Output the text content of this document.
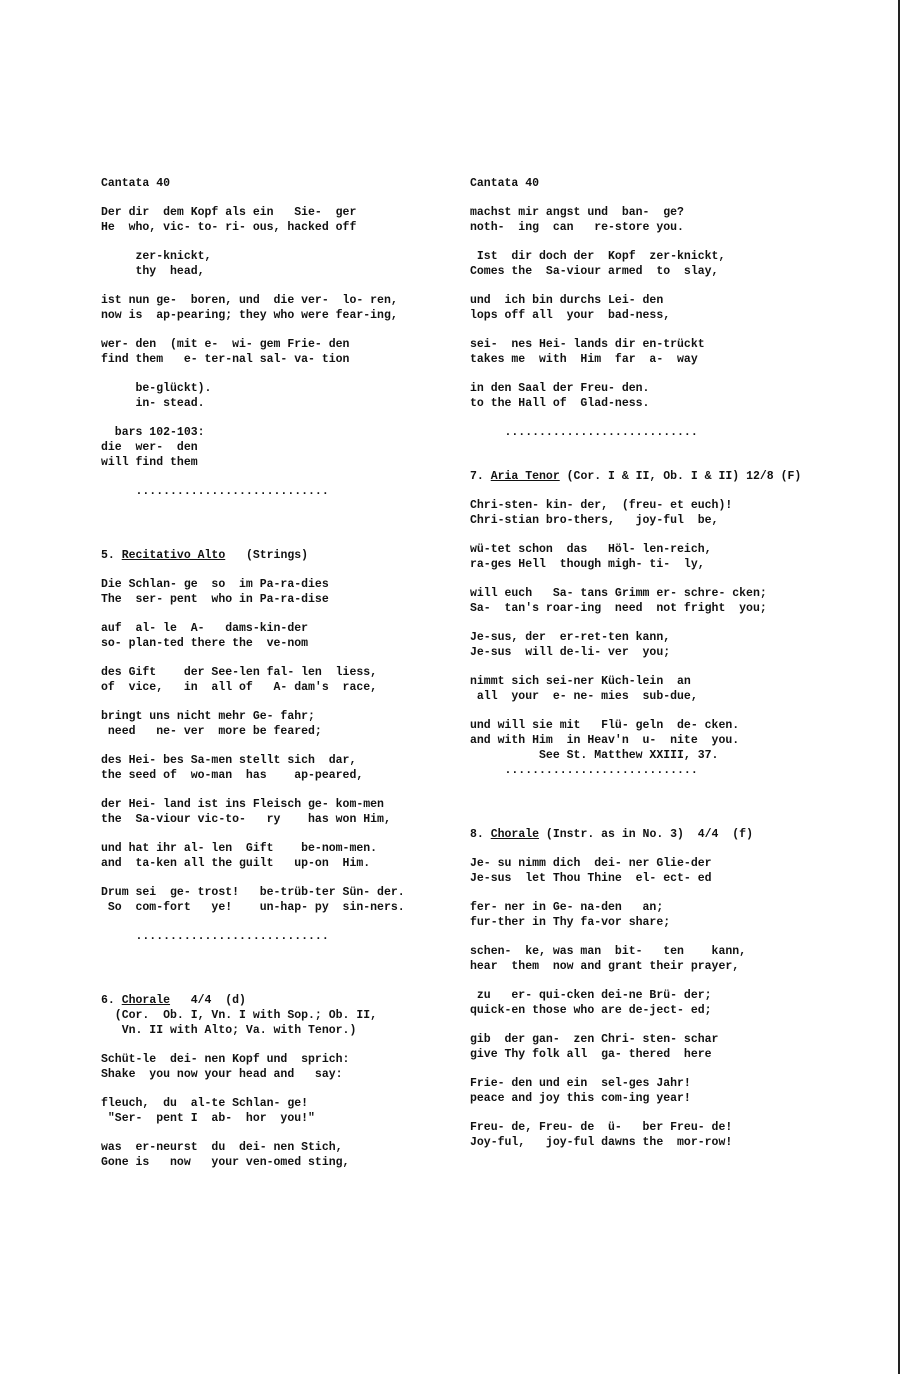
Cantata 40
Der dir  dem Kopf als ein   Sie-  ger
He  who, vic- to- ri- ous, hacked off
zer-knickt,
thy  head,
ist nun ge-  boren, und  die ver-  lo- ren,
now is  ap-pearing; they who were fear-ing,
wer- den  (mit e-  wi- gem Frie- den
find them   e- ter-nal sal- va- tion
be-glückt).
in- stead.
bars 102-103:
die  wer-  den
will find them
............................
5. Recitativo Alto   (Strings)
Die Schlan- ge  so  im Pa-ra-dies
The  ser- pent  who in Pa-ra-dise
auf  al- le  A-   dams-kin-der
so- plan-ted there the  ve-nom
des Gift    der See-len fal- len  liess,
of  vice,   in  all of   A- dam's  race,
bringt uns nicht mehr Ge- fahr;
need   ne- ver  more be feared;
des Hei- bes Sa-men stellt sich  dar,
the seed of  wo-man  has    ap-peared,
der Hei- land ist ins Fleisch ge- kom-men
the  Sa-viour vic-to-   ry    has won Him,
und hat ihr al- len  Gift    be-nom-men.
and  ta-ken all the guilt   up-on  Him.
Drum sei  ge- trost!   be-trüb-ter Sün- der.
So  com-fort   ye!    un-hap- py  sin-ners.
............................
6. Chorale   4/4  (d)
(Cor.  Ob. I, Vn. I with Sop.; Ob. II,
Vn. II with Alto; Va. with Tenor.)
Schüt-le  dei- nen Kopf und  sprich:
Shake  you now your head and   say:
fleuch,  du  al-te Schlan- ge!
"Ser-  pent I  ab-  hor  you!"
was  er-neurst  du  dei- nen Stich,
Gone is   now   your ven-omed sting,
Cantata 40
machst mir angst und  ban-  ge?
noth-  ing  can   re-store you.
Ist  dir doch der  Kopf  zer-knickt,
Comes the  Sa-viour armed  to  slay,
und  ich bin durchs Lei- den
lops off all  your  bad-ness,
sei-  nes Hei- lands dir en-trückt
takes me  with  Him  far  a-  way
in den Saal der Freu- den.
to the Hall of  Glad-ness.
............................
7. Aria Tenor (Cor. I & II, Ob. I & II) 12/8 (F)
Chri-sten- kin- der,  (freu- et euch)!
Chri-stian bro-thers,   joy-ful  be,
wü-tet schon  das   Höl- len-reich,
ra-ges Hell  though migh- ti-  ly,
will euch   Sa- tans Grimm er- schre- cken;
Sa-  tan's roar-ing  need  not fright  you;
Je-sus, der  er-ret-ten kann,
Je-sus  will de-li- ver  you;
nimmt sich sei-ner Küch-lein  an
all  your  e- ne- mies  sub-due,
und will sie mit   Flü- geln  de- cken.
and with Him  in Heav'n  u-  nite  you.
See St. Matthew XXIII, 37.
............................
8. Chorale (Instr. as in No. 3)  4/4  (f)
Je- su nimm dich  dei- ner Glie-der
Je-sus  let Thou Thine  el- ect- ed
fer- ner in Ge- na-den   an;
fur-ther in Thy fa-vor share;
schen-  ke, was man  bit-   ten    kann,
hear  them  now and grant their prayer,
zu   er- qui-cken dei-ne Brü- der;
quick-en those who are de-ject- ed;
gib  der gan-  zen Chri- sten- schar
give Thy folk all  ga- thered  here
Frie- den und ein  sel-ges Jahr!
peace and joy this com-ing year!
Freu- de, Freu- de  ü-   ber Freu- de!
Joy-ful,   joy-ful dawns the  mor-row!
